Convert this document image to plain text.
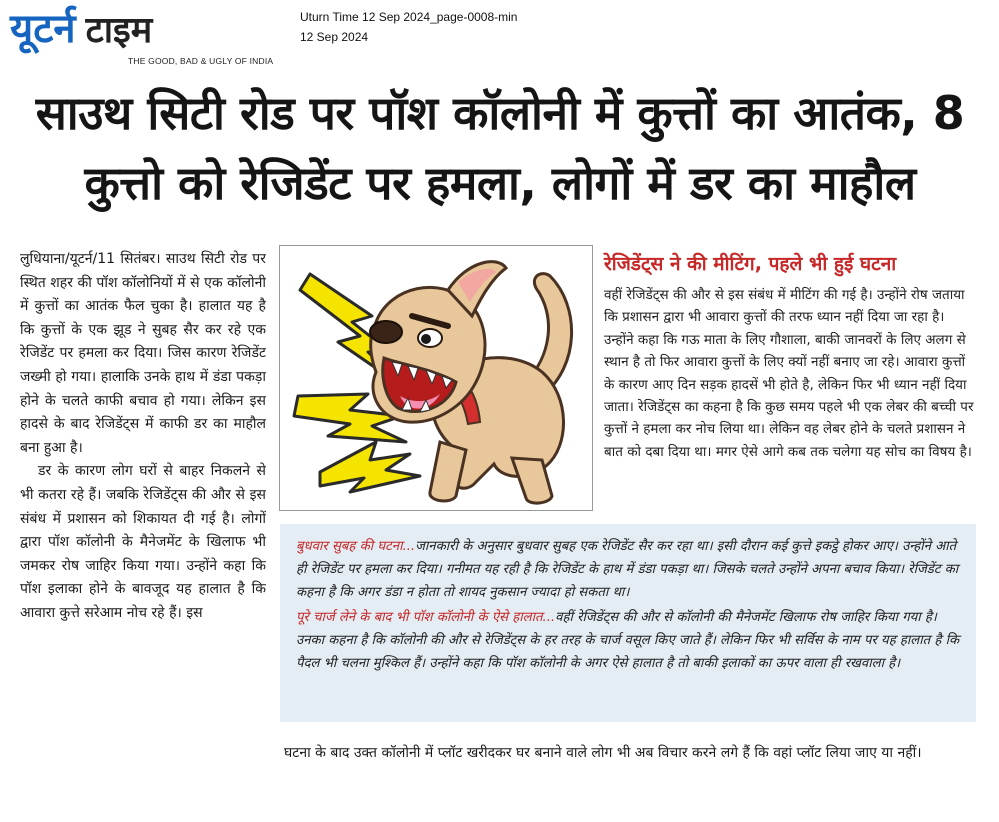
यूटर्न टाइम
THE GOOD, BAD & UGLY OF INDIA
Uturn Time 12 Sep 2024_page-0008-min
12 Sep 2024
साउथ सिटी रोड पर पॉश कॉलोनी में कुत्तों का आतंक, 8
कुत्तो को रेजिडेंट पर हमला, लोगों में डर का माहौल

लुधियाना/यूटर्न/11 सितंबर। साउथ सिटी रोड पर स्थित शहर की पॉश कॉलोनियों में से एक कॉलोनी में कुत्तों का आतंक फैल चुका है। हालात यह है कि कुत्तों के एक झूड ने सुबह सैर कर रहे एक रेजिडेंट पर हमला कर दिया। जिस कारण रेजिडेंट जख्मी हो गया। हालाकि उनके हाथ में डंडा पकड़ा होने के चलते काफी बचाव हो गया। लेकिन इस हादसे के बाद रेजिडेंट्स में काफी डर का माहौल बना हुआ है।

डर के कारण लोग घरों से बाहर निकलने से भी कतरा रहे हैं। जबकि रेजिडेंट्स की और से इस संबंध में प्रशासन को शिकायत दी गई है। लोगों द्वारा पॉश कॉलोनी के मैनेजमेंट के खिलाफ भी जमकर रोष जाहिर किया गया। उन्होंने कहा कि पॉश इलाका होने के बावजूद यह हालात है कि आवारा कुत्ते सरेआम नोच रहे हैं। इस

रेजिडेंट्स ने की मीटिंग, पहले भी हुई घटना
वहीं रेजिडेंट्स की और से इस संबंध में मीटिंग की गई है। उन्होंने रोष जताया कि प्रशासन द्वारा भी आवारा कुत्तों की तरफ ध्यान नहीं दिया जा रहा है। उन्होंने कहा कि गऊ माता के लिए गौशाला, बाकी जानवरों के लिए अलग से स्थान है तो फिर आवारा कुत्तों के लिए क्यों नहीं बनाए जा रहे। आवारा कुत्तों के कारण आए दिन सड़क हादसें भी होते है, लेकिन फिर भी ध्यान नहीं दिया जाता। रेजिडेंट्स का कहना है कि कुछ समय पहले भी एक लेबर की बच्ची पर कुत्तों ने हमला कर नोच लिया था। लेकिन वह लेबर होने के चलते प्रशासन ने बात को दबा दिया था। मगर ऐसे आगे कब तक चलेगा यह सोच का विषय है।

बुधवार सुबह की घटना...जानकारी के अनुसार बुधवार सुबह एक रेजिडेंट सैर कर रहा था। इसी दौरान कई कुत्ते इकट्ठे होकर आए। उन्होंने आते ही रेजिडेंट पर हमला कर दिया। गनीमत यह रही है कि रेजिडेंट के हाथ में डंडा पकड़ा था। जिसके चलते उन्होंने अपना बचाव किया। रेजिडेंट का कहना है कि अगर डंडा न होता तो शायद नुकसान ज्यादा हो सकता था।

पूरे चार्ज लेने के बाद भी पॉश कॉलोनी के ऐसे हालात...वहीं रेजिडेंट्स की और से कॉलोनी की मैनेजमेंट खिलाफ रोष जाहिर किया गया है। उनका कहना है कि कॉलोनी की और से रेजिडेंट्स के हर तरह के चार्ज वसूल किए जाते हैं। लेकिन फिर भी सर्विस के नाम पर यह हालात है कि पैदल भी चलना मुश्किल हैं। उन्होंने कहा कि पॉश कॉलोनी के अगर ऐसे हालात है तो बाकी इलाकों का ऊपर वाला ही रखवाला है।

घटना के बाद उक्त कॉलोनी में प्लॉट खरीदकर घर बनाने वाले लोग भी अब विचार करने लगे हैं कि वहां प्लॉट लिया जाए या नहीं।
